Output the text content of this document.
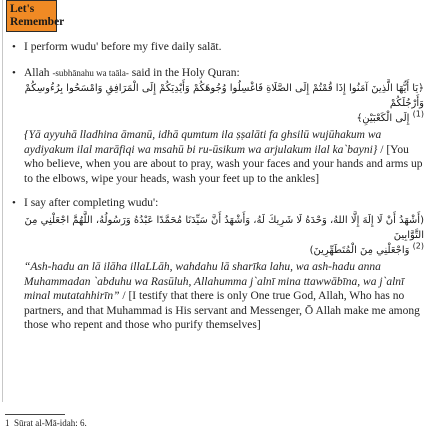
Let's
Remember
• I perform wudu' before my five daily salāt.
• Allah -subhānahu wa taāla- said in the Holy Quran:
﴿يَا أَيُّهَا الَّذِينَ آمَنُوا إِذَا قُمْتُمْ إِلَى الصَّلَاةِ فَاغْسِلُوا وُجُوهَكُمْ وَأَيْدِيَكُمْ إِلَى الْمَرَافِقِ وَامْسَحُوا بِرُءُوسِكُمْ وَأَرْجُلَكُمْ
$^{(1)}$ إِلَى الْكَعْبَيْنِ﴾
{Yā ayyuhā lladhina āmanū, idhā qumtum ila ṣṣalāti fa ghsilū wujūhakum wa aydiyakum ilal marāfiqi wa msahū bi ru-ūsikum wa arjulakum ilal ka`bayni} / [You who believe, when you are about to pray, wash your faces and your hands and arms up to the elbows, wipe your heads, wash your feet up to the ankles]
• I say after completing wudu':
(أَشْهَدُ أَنْ لَا إِلَهَ إِلَّا اللهُ، وَحْدَهُ لَا شَرِيكَ لَهُ، وَأَشْهَدُ أَنَّ سَيِّدَنَا مُحَمَّدًا عَبْدُهُ وَرَسُولُهُ، اللَّهُمَّ اجْعَلْنِي مِنَ التَّوَّابِينَ
$^{(2)}$ وَاجْعَلْنِي مِنَ الْمُتَطَهِّرِينَ)
“Ash-hadu an lā ilāha illaLLāh, wahdahu lā sharīka lahu, wa ash-hadu anna Muhammadan `abduhu wa Rasūluh, Allahumma j`alnī mina ttawwābīna, wa j`alnī minal mutatahhirīn” / [I testify that there is only One true God, Allah, Who has no partners, and that Muhammad is His servant and Messenger, Ō Allah make me among those who repent and those who purify themselves]
1 Sūrat al-Mā-idah: 6.
